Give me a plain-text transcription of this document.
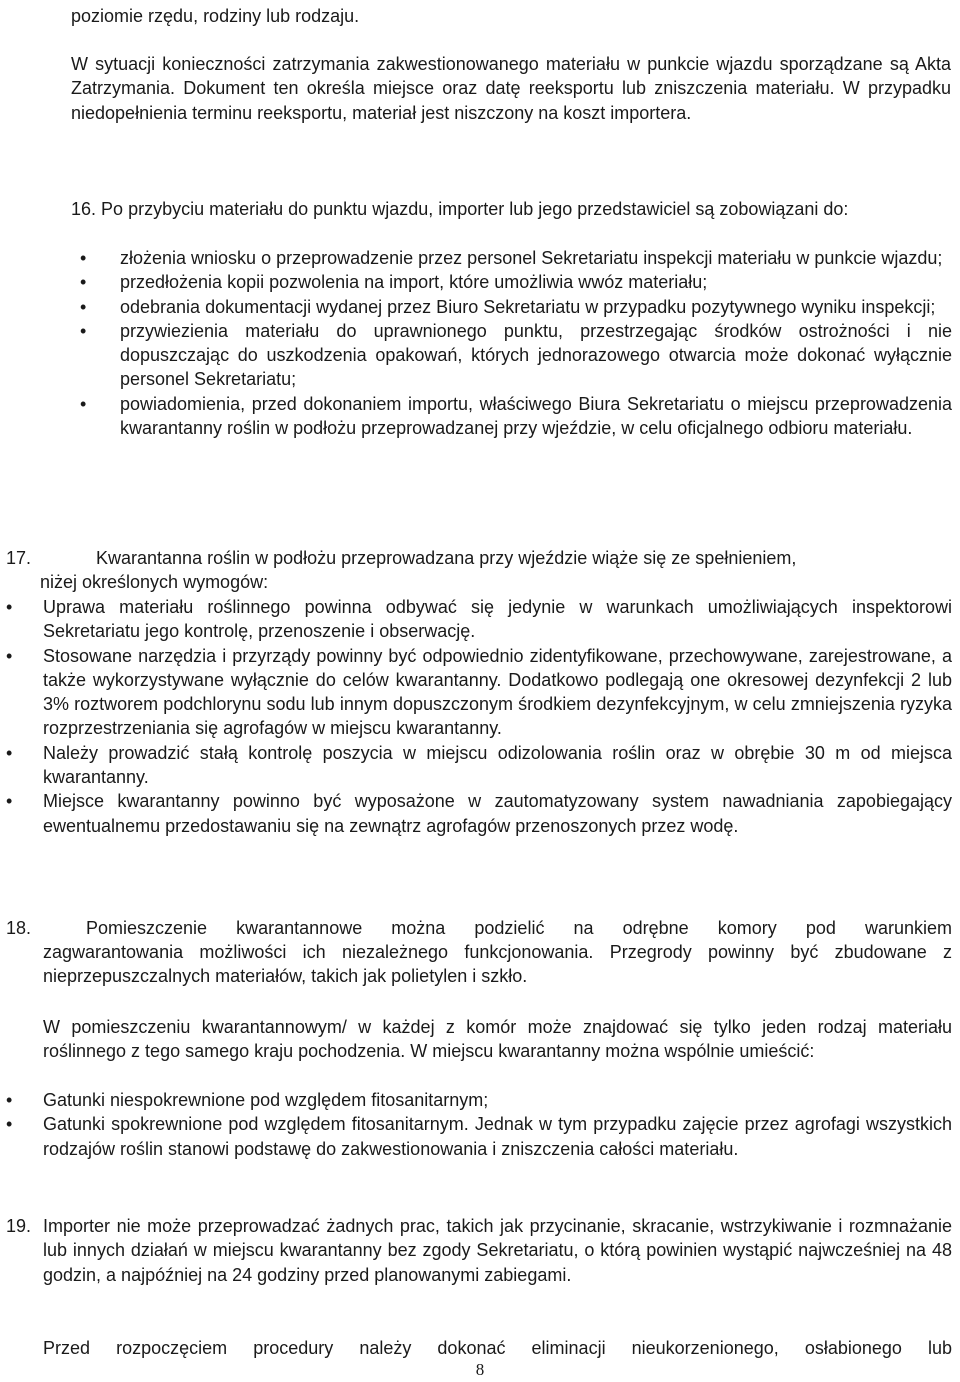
poziomie rzędu, rodziny lub rodzaju.

W sytuacji konieczności zatrzymania zakwestionowanego materiału w punkcie wjazdu sporządzane są Akta Zatrzymania. Dokument ten określa miejsce oraz datę reeksportu lub zniszczenia materiału. W przypadku niedopełnienia terminu reeksportu, materiał jest niszczony na koszt importera.

16. Po przybyciu materiału do punktu wjazdu, importer lub jego przedstawiciel są zobowiązani do:

• złożenia wniosku o przeprowadzenie przez personel Sekretariatu inspekcji materiału w punkcie wjazdu;

• przedłożenia kopii pozwolenia na import, które umożliwia wwóz materiału;

• odebrania dokumentacji wydanej przez Biuro Sekretariatu w przypadku pozytywnego wyniku inspekcji;

• przywiezienia materiału do uprawnionego punktu, przestrzegając środków ostrożności i nie dopuszczając do uszkodzenia opakowań, których jednorazowego otwarcia może dokonać wyłącznie personel Sekretariatu;

• powiadomienia, przed dokonaniem importu, właściwego Biura Sekretariatu o miejscu przeprowadzenia kwarantanny roślin w podłożu przeprowadzanej przy wjeździe, w celu oficjalnego odbioru materiału.

17.	Kwarantanna roślin w podłożu przeprowadzana przy wjeździe wiąże się ze spełnieniem,

niżej określonych wymogów:

• Uprawa materiału roślinnego powinna odbywać się jedynie w warunkach umożliwiających inspektorowi Sekretariatu jego kontrolę, przenoszenie i obserwację.

• Stosowane narzędzia i przyrządy powinny być odpowiednio zidentyfikowane, przechowywane, zarejestrowane, a także wykorzystywane wyłącznie do celów kwarantanny. Dodatkowo podlegają one okresowej dezynfekcji 2 lub 3% roztworem podchlorynu sodu lub innym dopuszczonym środkiem dezynfekcyjnym, w celu zmniejszenia ryzyka rozprzestrzeniania się agrofagów w miejscu kwarantanny.

• Należy prowadzić stałą kontrolę poszycia w miejscu odizolowania roślin oraz w obrębie 30 m od miejsca kwarantanny.

• Miejsce kwarantanny powinno być wyposażone w zautomatyzowany system nawadniania zapobiegający ewentualnemu przedostawaniu się na zewnątrz agrofagów przenoszonych przez wodę.

18.	Pomieszczenie kwarantannowe można podzielić na odrębne komory pod warunkiem

zagwarantowania możliwości ich niezależnego funkcjonowania. Przegrody powinny być zbudowane z nieprzepuszczalnych materiałów, takich jak polietylen i szkło.

W pomieszczeniu kwarantannowym/ w każdej z komór może znajdować się tylko jeden rodzaj materiału roślinnego z tego samego kraju pochodzenia. W miejscu kwarantanny można wspólnie umieścić:

• Gatunki niespokrewnione pod względem fitosanitarnym;

• Gatunki spokrewnione pod względem fitosanitarnym. Jednak w tym przypadku zajęcie przez agrofagi wszystkich rodzajów roślin stanowi podstawę do zakwestionowania i zniszczenia całości materiału.

19. Importer nie może przeprowadzać żadnych prac, takich jak przycinanie, skracanie, wstrzykiwanie i rozmnażanie lub innych działań w miejscu kwarantanny bez zgody Sekretariatu, o którą powinien wystąpić najwcześniej na 48 godzin, a najpóźniej na 24 godziny przed planowanymi zabiegami.

Przed rozpoczęciem procedury należy dokonać eliminacji nieukorzenionego, osłabionego lub

8
